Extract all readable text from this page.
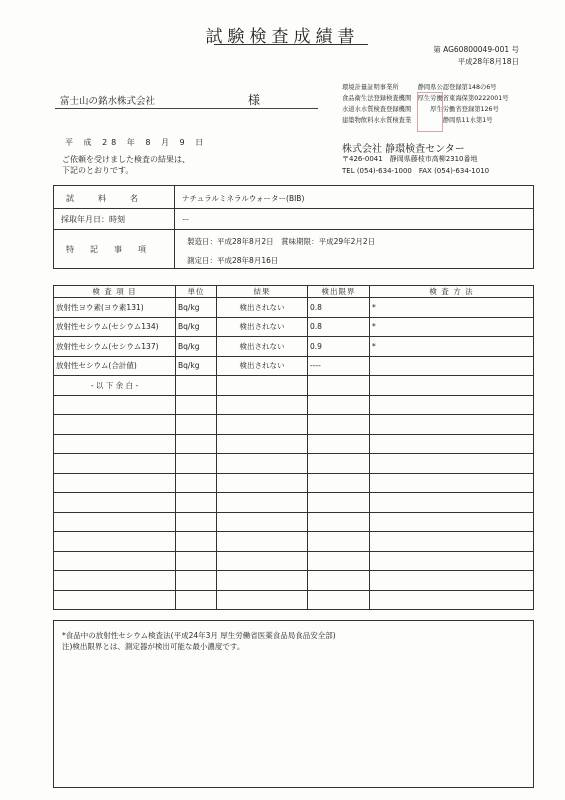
試験検査成績書
第 AG60800049-001 号
平成28年8月18日
富士山の銘水株式会社	様
環境計量証明事業所　　　静岡県公認登録第148の6号
食品衛生法登録検査機関　厚生労働省東海保第0222001号
水道水水質検査登録機関　　　厚生労働省登録第126号
建築物飲料水水質検査業　　　　　静岡県11水第1号
平 成 28 年 8 月 9 日
ご依頼を受けました検査の結果は、
下記のとおりです。
株式会社 静環検査センター
〒426-0041　静岡県藤枝市高柳2310番地
TEL (054)-634-1000　FAX (054)-634-1010
試　　　料　　　名	ナチュラルミネラルウォーター(BIB)
採取年月日：時刻	ー
特　　記　　事　　項
製造日：平成28年8月2日　賞味期限：平成29年2月2日
測定日：平成28年8月16日
検 査 項 目	単位	結果	検出限界	検 査 方 法
放射性ヨウ素(ヨウ素131)	Bq/kg	検出されない	0.8	*
放射性セシウム(セシウム134)	Bq/kg	検出されない	0.8	*
放射性セシウム(セシウム137)	Bq/kg	検出されない	0.9	*
放射性セシウム(合計値)	Bq/kg	検出されない	----	
- 以 下 余 白 -				

*食品中の放射性セシウム検査法(平成24年3月 厚生労働省医薬食品局食品安全部)
注)検出限界とは、測定器が検出可能な最小濃度です。
